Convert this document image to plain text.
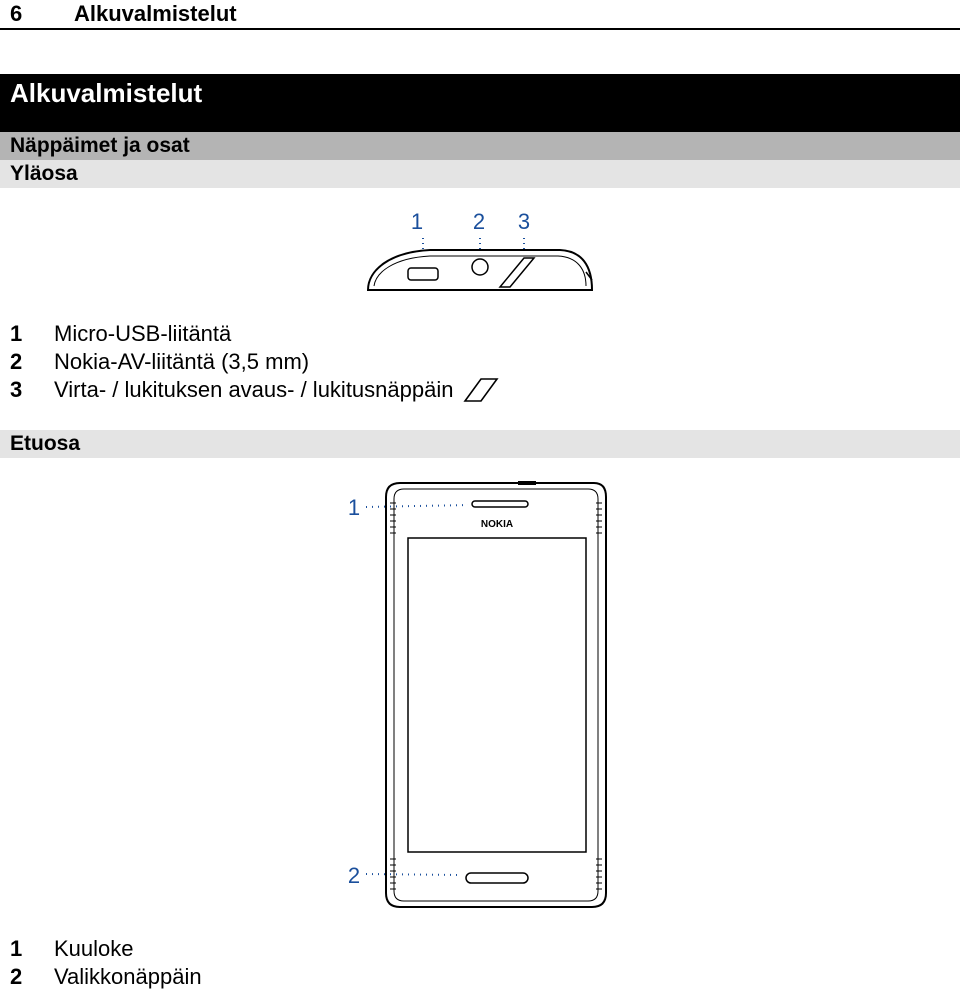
6 Alkuvalmistelut
Alkuvalmistelut
Näppäimet ja osat
Yläosa
1 2 3
1	Micro-USB-liitäntä
2	Nokia-AV-liitäntä (3,5 mm)
3	Virta- / lukituksen avaus- / lukitusnäppäin
Etuosa
NOKIA
1
2
1	Kuuloke
2	Valikkonäppäin
